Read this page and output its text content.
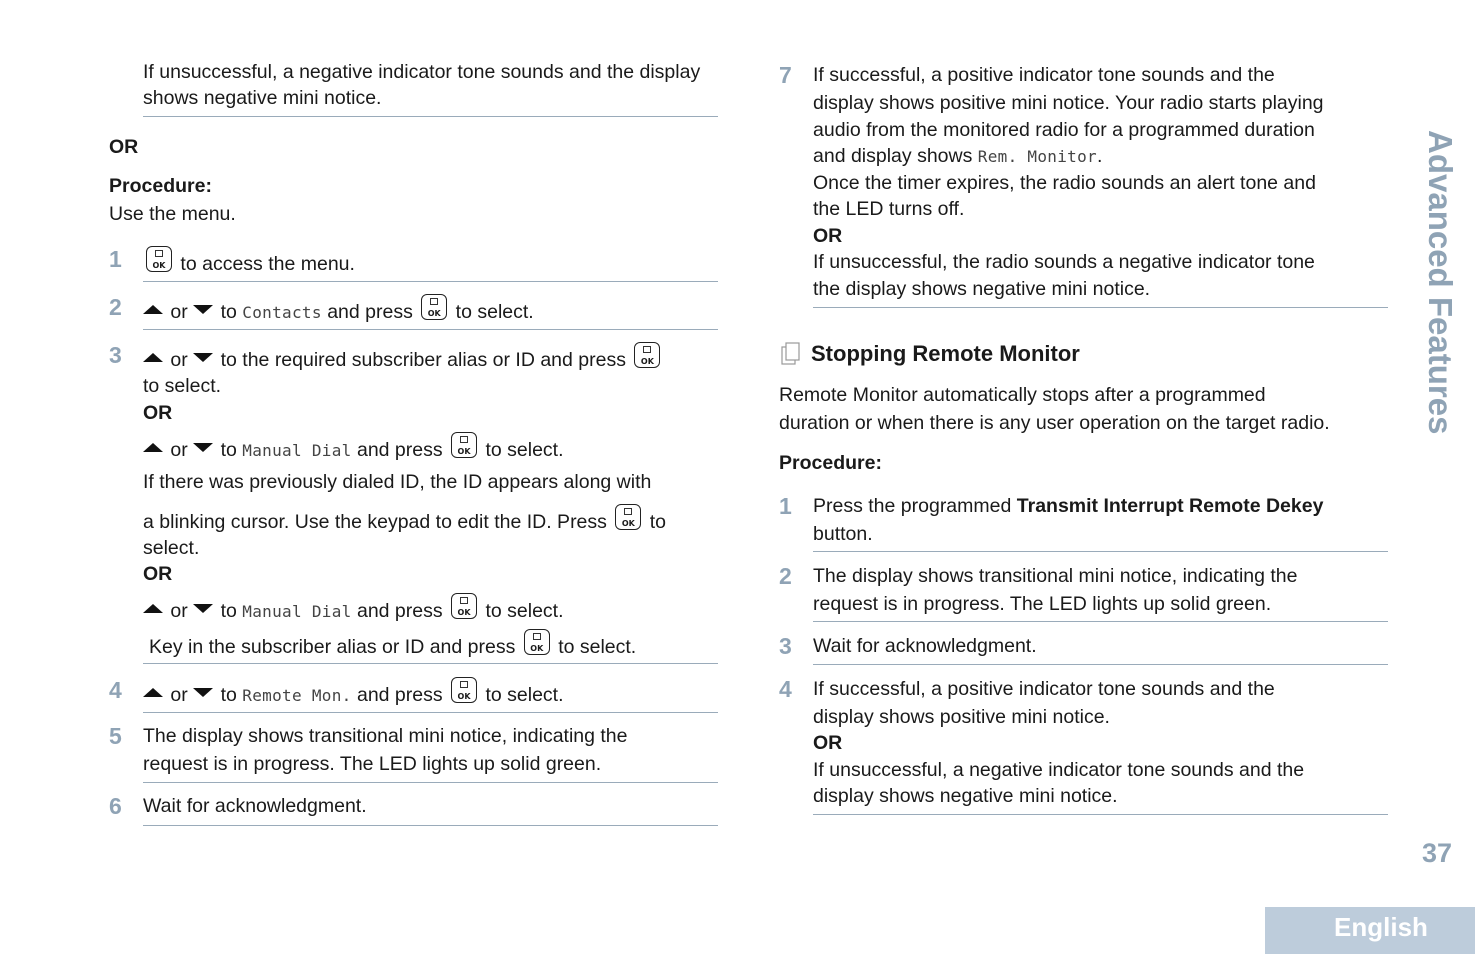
If unsuccessful, a negative indicator tone sounds and the display shows negative mini notice.
OR
Procedure:
Use the menu.
1	OK to access the menu.
2	or to Contacts and press	OK to select.
3	or to the required subscriber alias or ID and press	OK
to select.
OR
or to Manual Dial and press	OK to select.
If there was previously dialed ID, the ID appears along with
a blinking cursor. Use the keypad to edit the ID. Press	OK to
select.
OR
or to Manual Dial and press	OK to select.
Key in the subscriber alias or ID and press	OK to select.
4	or to Remote Mon. and press	OK to select.
5 The display shows transitional mini notice, indicating the
request is in progress. The LED lights up solid green.
6 Wait for acknowledgment.
7 If successful, a positive indicator tone sounds and the
display shows positive mini notice. Your radio starts playing
audio from the monitored radio for a programmed duration
and display shows Rem. Monitor.
Once the timer expires, the radio sounds an alert tone and
the LED turns off.
OR
If unsuccessful, the radio sounds a negative indicator tone
the display shows negative mini notice.
Stopping Remote Monitor
Remote Monitor automatically stops after a programmed
duration or when there is any user operation on the target radio.
Procedure:
1 Press the programmed Transmit Interrupt Remote Dekey
button.
2 The display shows transitional mini notice, indicating the
request is in progress. The LED lights up solid green.
3 Wait for acknowledgment.
4 If successful, a positive indicator tone sounds and the
display shows positive mini notice.
OR
If unsuccessful, a negative indicator tone sounds and the
display shows negative mini notice.
Advanced Features
37
English
